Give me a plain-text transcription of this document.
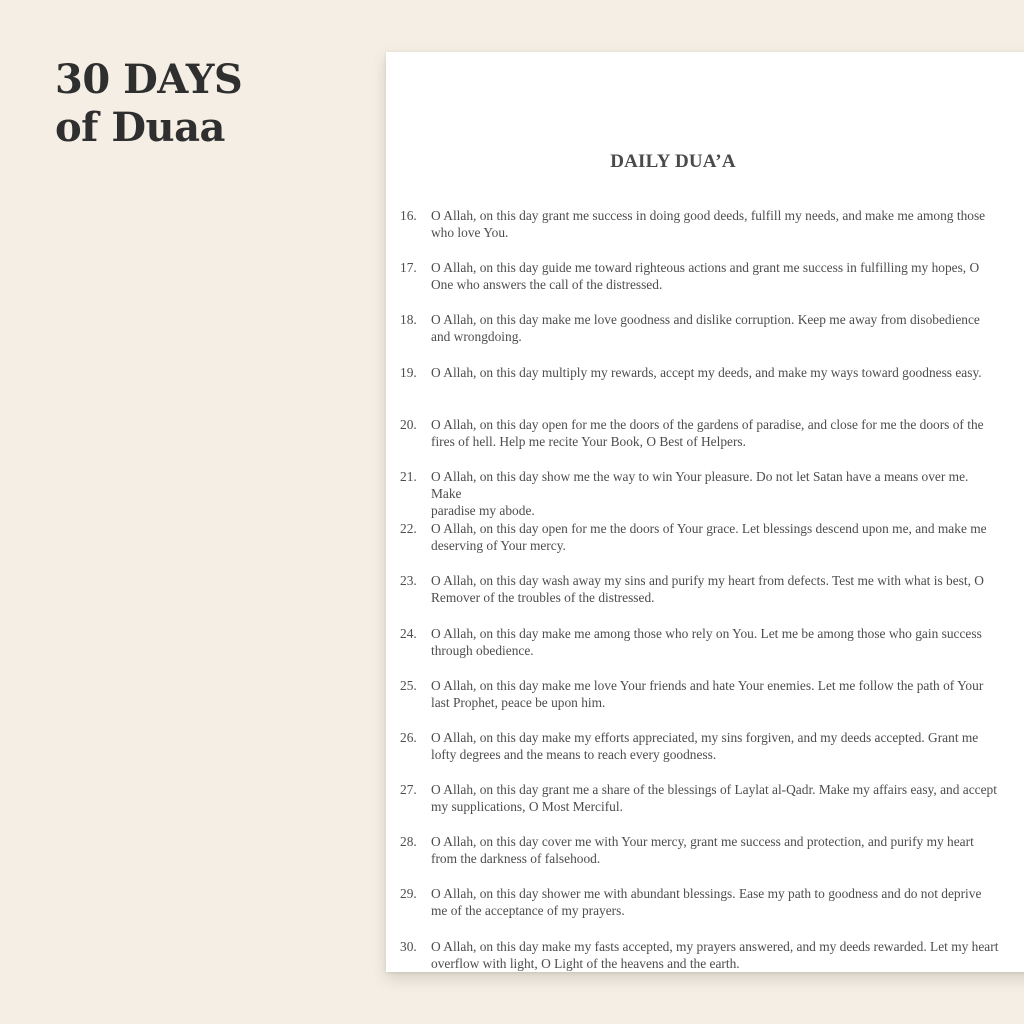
30 DAYS
of Duaa
DAILY DUA’A
16.	O Allah, on this day grant me success in doing good deeds, fulfill my needs, and make me among those
who love You.
17.	O Allah, on this day guide me toward righteous actions and grant me success in fulfilling my hopes, O
One who answers the call of the distressed.
18.	O Allah, on this day make me love goodness and dislike corruption. Keep me away from disobedience
and wrongdoing.
19.	O Allah, on this day multiply my rewards, accept my deeds, and make my ways toward goodness easy.
20.	O Allah, on this day open for me the doors of the gardens of paradise, and close for me the doors of the
fires of hell. Help me recite Your Book, O Best of Helpers.
21.	O Allah, on this day show me the way to win Your pleasure. Do not let Satan have a means over me. Make
paradise my abode.
22.	O Allah, on this day open for me the doors of Your grace. Let blessings descend upon me, and make me
deserving of Your mercy.
23.	O Allah, on this day wash away my sins and purify my heart from defects. Test me with what is best, O
Remover of the troubles of the distressed.
24.	O Allah, on this day make me among those who rely on You. Let me be among those who gain success
through obedience.
25.	O Allah, on this day make me love Your friends and hate Your enemies. Let me follow the path of Your
last Prophet, peace be upon him.
26.	O Allah, on this day make my efforts appreciated, my sins forgiven, and my deeds accepted. Grant me
lofty degrees and the means to reach every goodness.
27.	O Allah, on this day grant me a share of the blessings of Laylat al-Qadr. Make my affairs easy, and accept
my supplications, O Most Merciful.
28.	O Allah, on this day cover me with Your mercy, grant me success and protection, and purify my heart
from the darkness of falsehood.
29.	O Allah, on this day shower me with abundant blessings. Ease my path to goodness and do not deprive
me of the acceptance of my prayers.
30.	O Allah, on this day make my fasts accepted, my prayers answered, and my deeds rewarded. Let my heart
overflow with light, O Light of the heavens and the earth.
